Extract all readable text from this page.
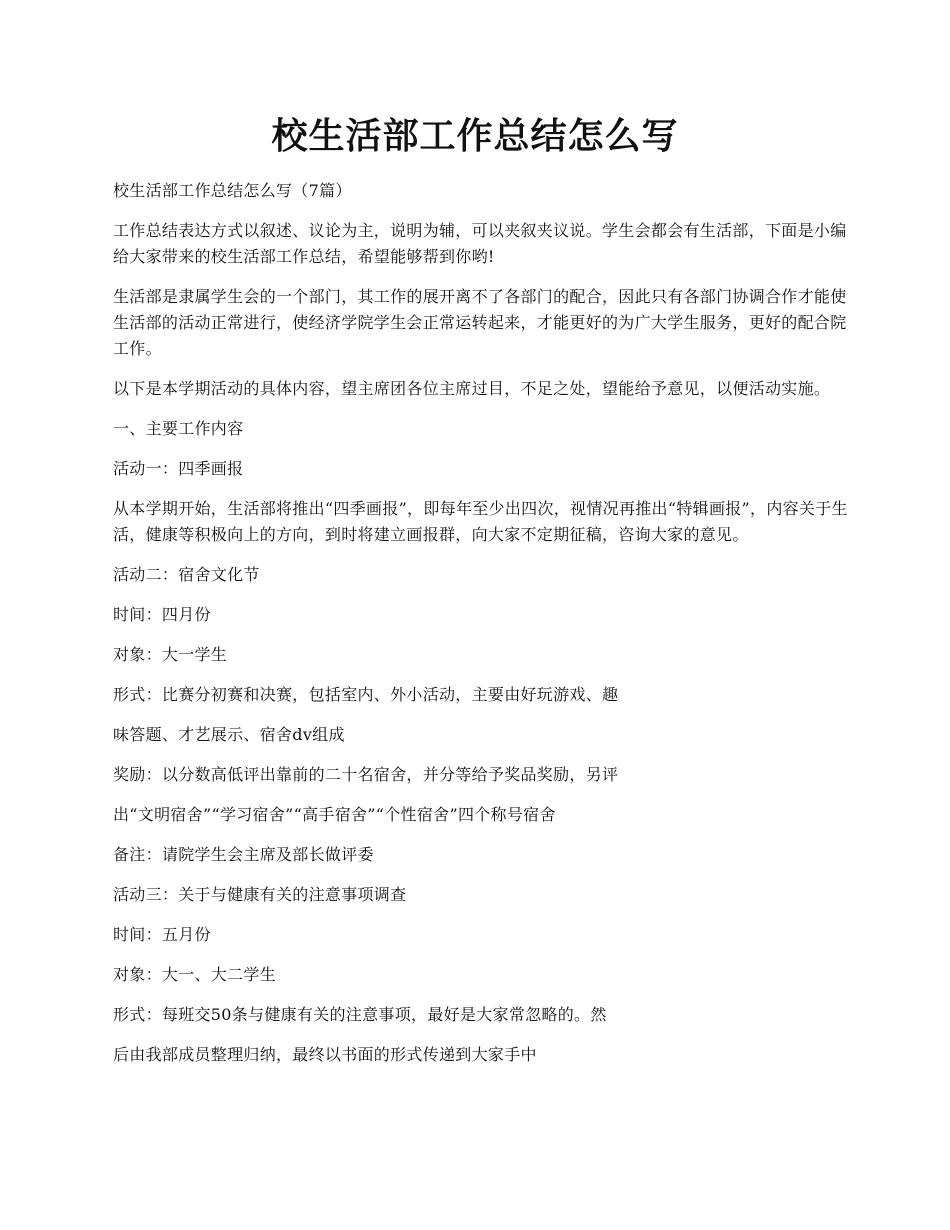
校生活部工作总结怎么写

校生活部工作总结怎么写（7篇）

工作总结表达方式以叙述、议论为主，说明为辅，可以夹叙夹议说。学生会都会有生活部，下面是小编给大家带来的校生活部工作总结，希望能够帮到你哟!

生活部是隶属学生会的一个部门，其工作的展开离不了各部门的配合，因此只有各部门协调合作才能使生活部的活动正常进行，使经济学院学生会正常运转起来，才能更好的为广大学生服务，更好的配合院工作。

以下是本学期活动的具体内容，望主席团各位主席过目，不足之处，望能给予意见，以便活动实施。

一、主要工作内容

活动一：四季画报

从本学期开始，生活部将推出“四季画报”，即每年至少出四次，视情况再推出“特辑画报”，内容关于生活，健康等积极向上的方向，到时将建立画报群，向大家不定期征稿，咨询大家的意见。

活动二：宿舍文化节

时间：四月份

对象：大一学生

形式：比赛分初赛和决赛，包括室内、外小活动，主要由好玩游戏、趣

味答题、才艺展示、宿舍dv组成

奖励：以分数高低评出靠前的二十名宿舍，并分等给予奖品奖励，另评

出“文明宿舍”“学习宿舍”“高手宿舍”“个性宿舍”四个称号宿舍

备注：请院学生会主席及部长做评委

活动三：关于与健康有关的注意事项调查

时间：五月份

对象：大一、大二学生

形式：每班交50条与健康有关的注意事项，最好是大家常忽略的。然

后由我部成员整理归纳，最终以书面的形式传递到大家手中
